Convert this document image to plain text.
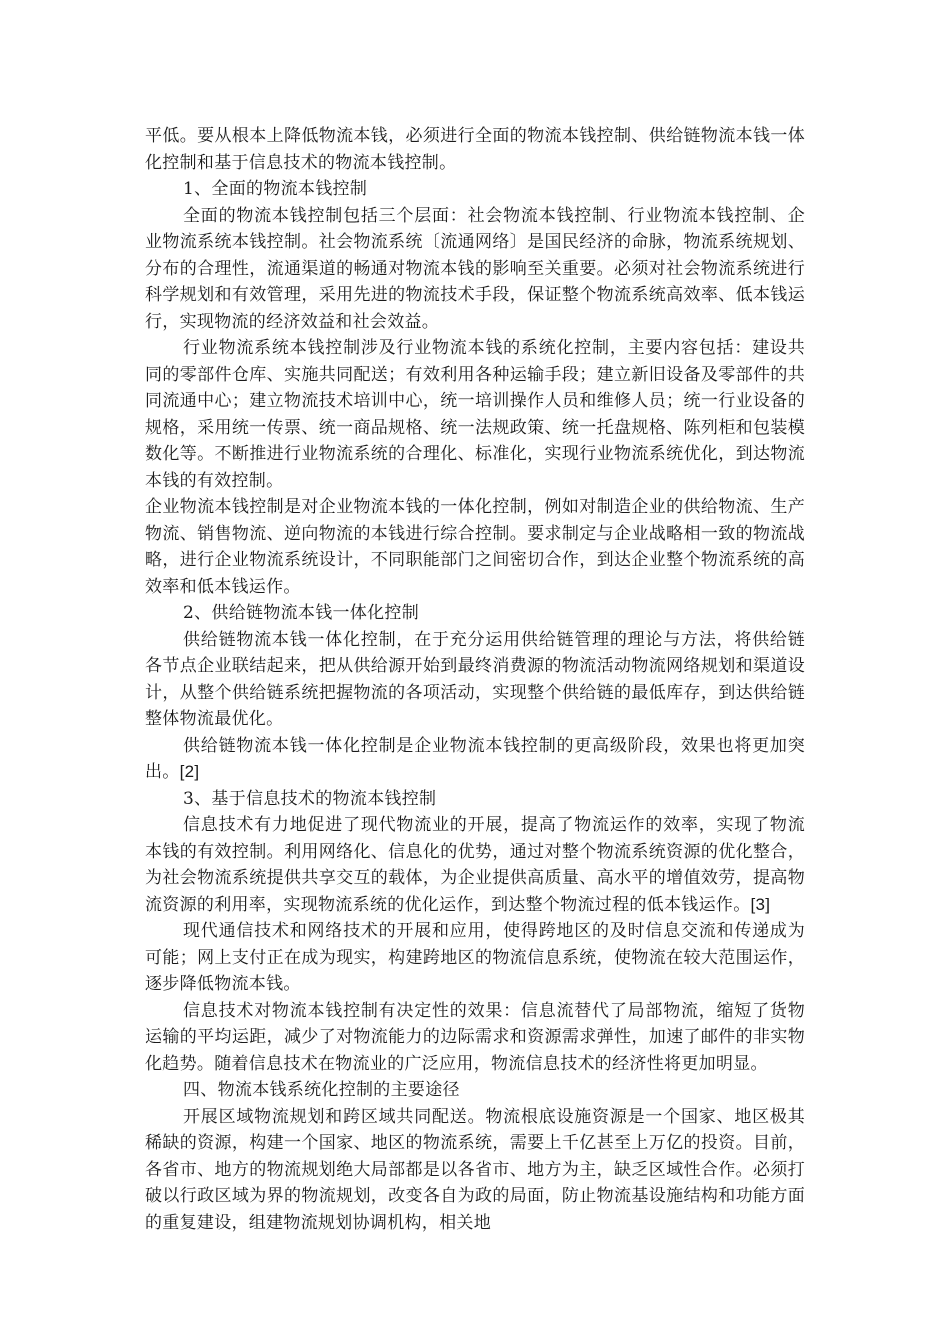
平低。要从根本上降低物流本钱，必须进行全面的物流本钱控制、供给链物流本钱一体化控制和基于信息技术的物流本钱控制。

1、全面的物流本钱控制

全面的物流本钱控制包括三个层面：社会物流本钱控制、行业物流本钱控制、企业物流系统本钱控制。社会物流系统〔流通网络〕是国民经济的命脉，物流系统规划、分布的合理性，流通渠道的畅通对物流本钱的影响至关重要。必须对社会物流系统进行科学规划和有效管理，采用先进的物流技术手段，保证整个物流系统高效率、低本钱运行，实现物流的经济效益和社会效益。

行业物流系统本钱控制涉及行业物流本钱的系统化控制，主要内容包括：建设共同的零部件仓库、实施共同配送；有效利用各种运输手段；建立新旧设备及零部件的共同流通中心；建立物流技术培训中心，统一培训操作人员和维修人员；统一行业设备的规格，采用统一传票、统一商品规格、统一法规政策、统一托盘规格、陈列柜和包装模数化等。不断推进行业物流系统的合理化、标准化，实现行业物流系统优化，到达物流本钱的有效控制。

企业物流本钱控制是对企业物流本钱的一体化控制，例如对制造企业的供给物流、生产物流、销售物流、逆向物流的本钱进行综合控制。要求制定与企业战略相一致的物流战略，进行企业物流系统设计，不同职能部门之间密切合作，到达企业整个物流系统的高效率和低本钱运作。

2、供给链物流本钱一体化控制

供给链物流本钱一体化控制，在于充分运用供给链管理的理论与方法，将供给链各节点企业联结起来，把从供给源开始到最终消费源的物流活动物流网络规划和渠道设计，从整个供给链系统把握物流的各项活动，实现整个供给链的最低库存，到达供给链整体物流最优化。

供给链物流本钱一体化控制是企业物流本钱控制的更高级阶段，效果也将更加突出。[2]

3、基于信息技术的物流本钱控制

信息技术有力地促进了现代物流业的开展，提高了物流运作的效率，实现了物流本钱的有效控制。利用网络化、信息化的优势，通过对整个物流系统资源的优化整合，为社会物流系统提供共享交互的载体，为企业提供高质量、高水平的增值效劳，提高物流资源的利用率，实现物流系统的优化运作，到达整个物流过程的低本钱运作。[3]

现代通信技术和网络技术的开展和应用，使得跨地区的及时信息交流和传递成为可能；网上支付正在成为现实，构建跨地区的物流信息系统，使物流在较大范围运作，逐步降低物流本钱。

信息技术对物流本钱控制有决定性的效果：信息流替代了局部物流，缩短了货物运输的平均运距，减少了对物流能力的边际需求和资源需求弹性，加速了邮件的非实物化趋势。随着信息技术在物流业的广泛应用，物流信息技术的经济性将更加明显。

四、物流本钱系统化控制的主要途径

开展区域物流规划和跨区域共同配送。物流根底设施资源是一个国家、地区极其稀缺的资源，构建一个国家、地区的物流系统，需要上千亿甚至上万亿的投资。目前，各省市、地方的物流规划绝大局部都是以各省市、地方为主，缺乏区域性合作。必须打破以行政区域为界的物流规划，改变各自为政的局面，防止物流基设施结构和功能方面的重复建设，组建物流规划协调机构，相关地
